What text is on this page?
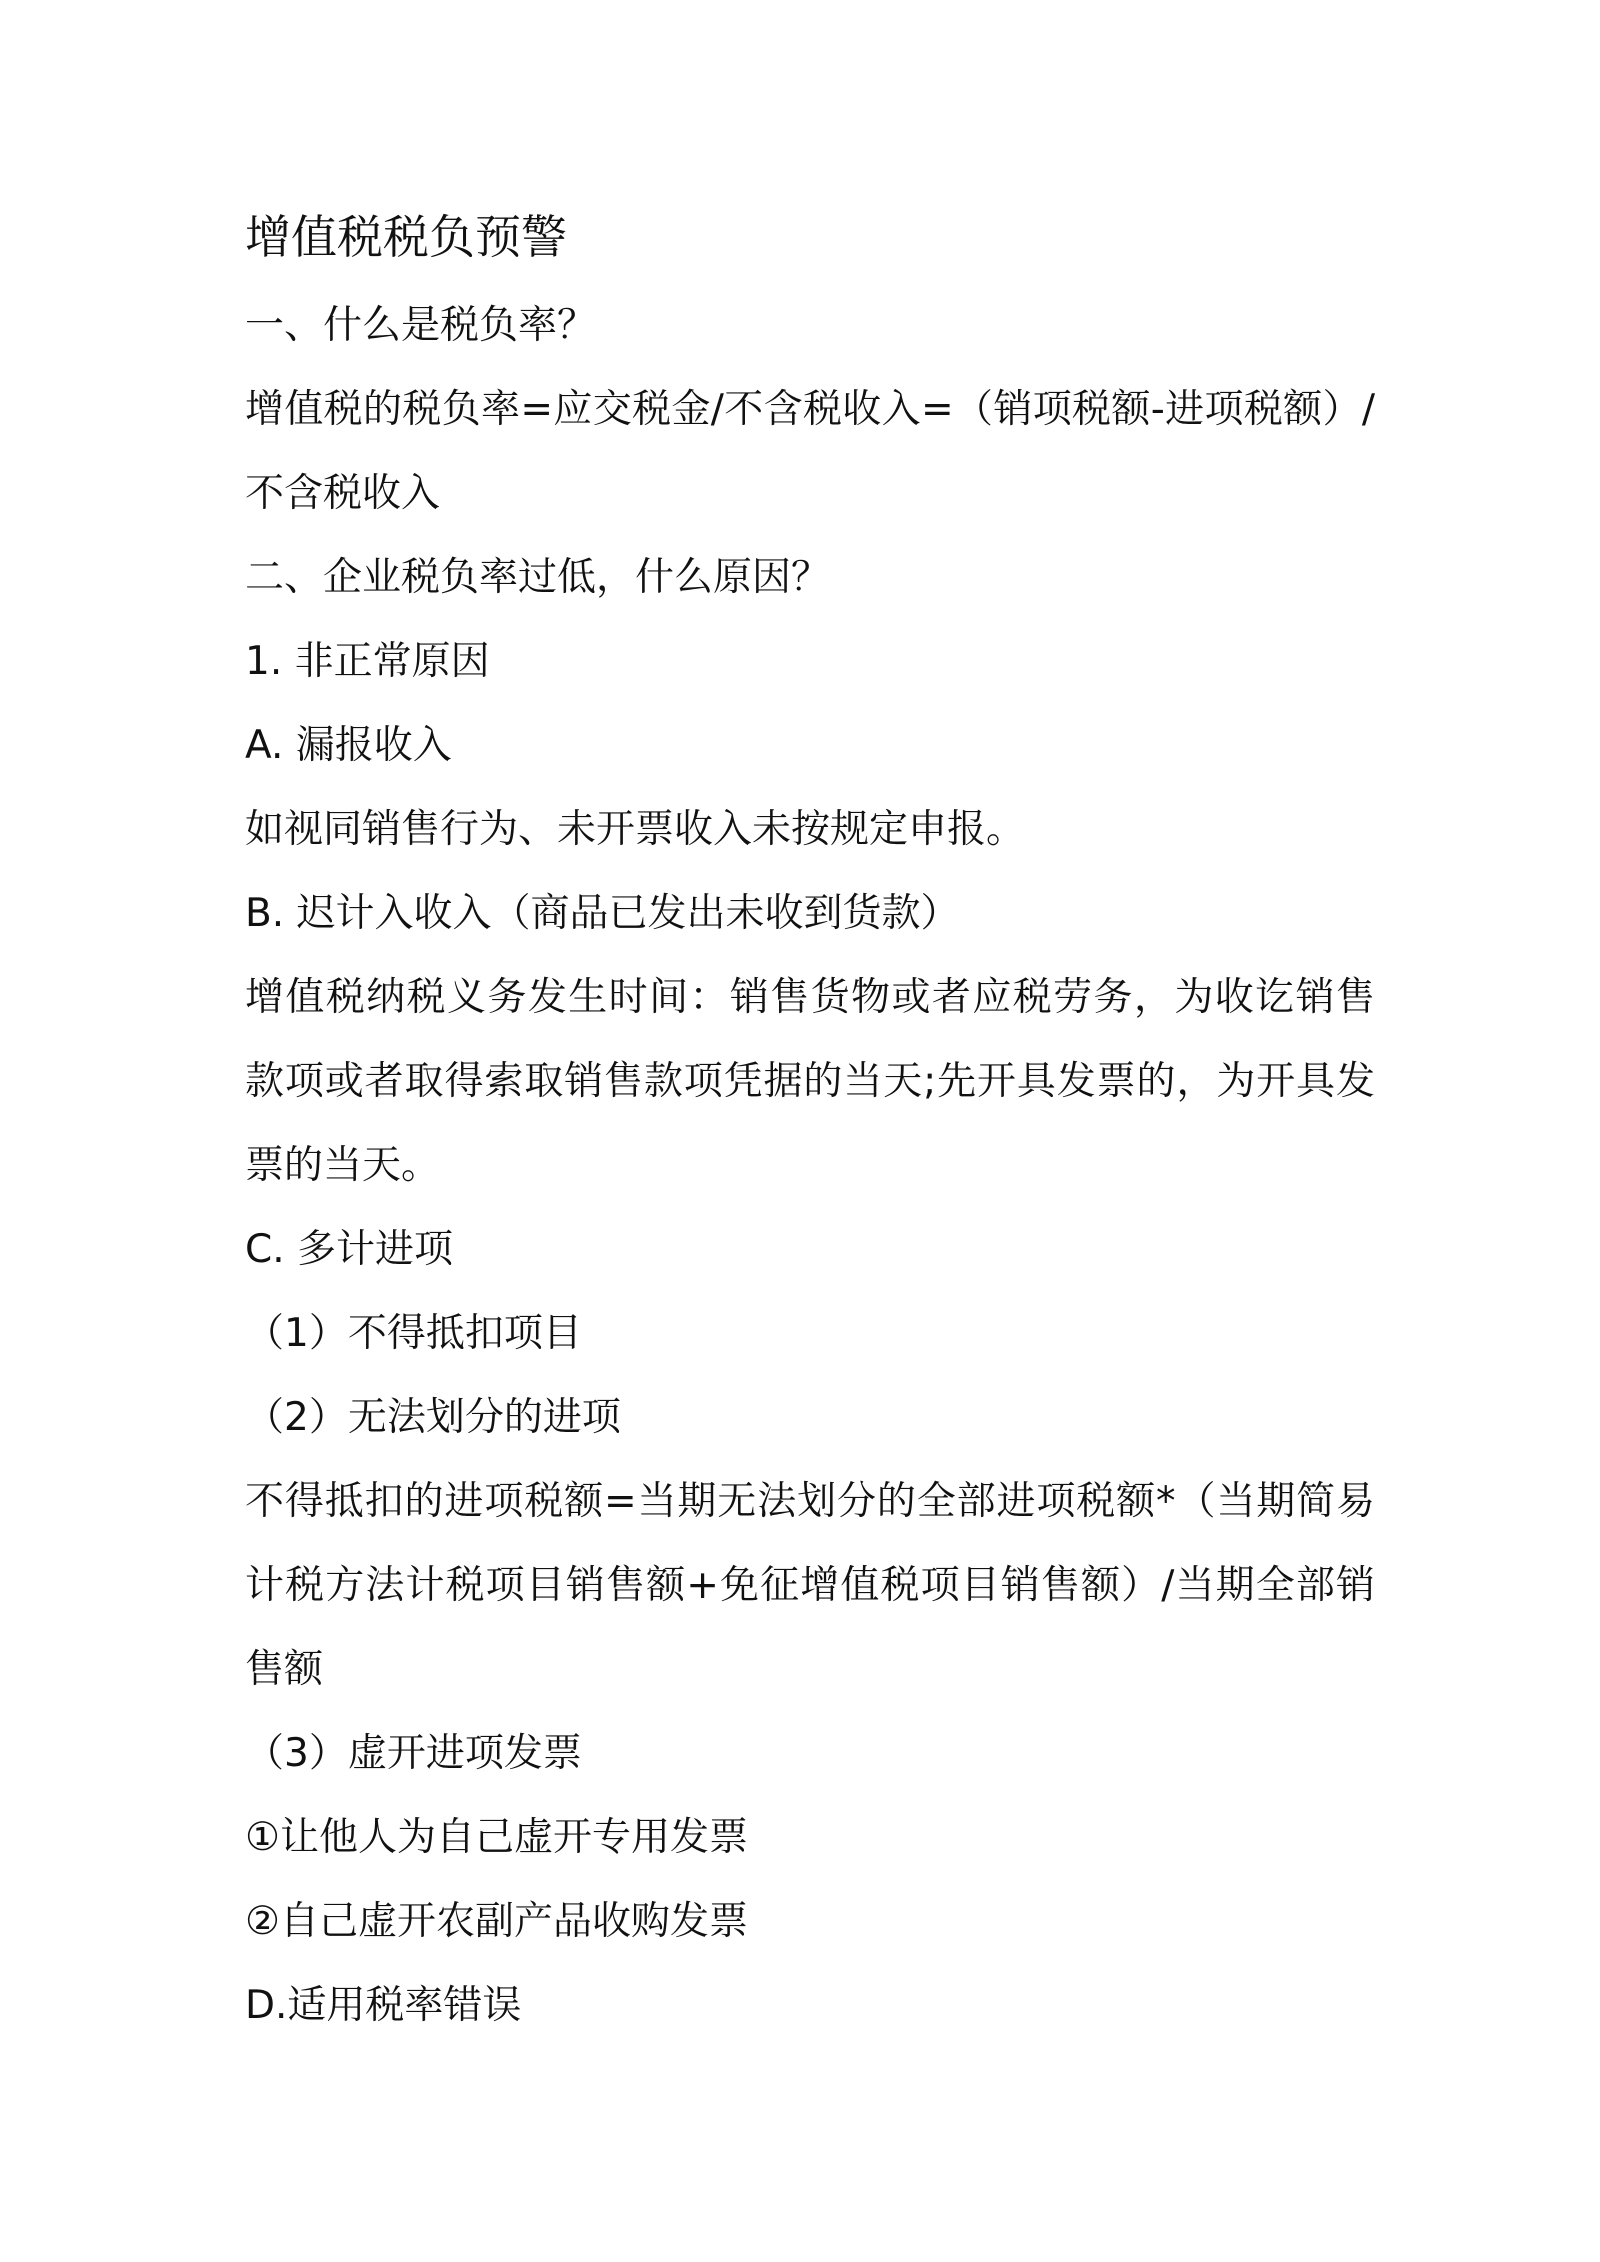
增值税税负预警

一、什么是税负率？

增值税的税负率=应交税金/不含税收入=（销项税额-进项税额）/不含税收入

二、企业税负率过低，什么原因？

1. 非正常原因

A. 漏报收入

如视同销售行为、未开票收入未按规定申报。

B. 迟计入收入（商品已发出未收到货款）

增值税纳税义务发生时间：销售货物或者应税劳务，为收讫销售款项或者取得索取销售款项凭据的当天;先开具发票的，为开具发票的当天。

C. 多计进项

（1）不得抵扣项目

（2）无法划分的进项

不得抵扣的进项税额=当期无法划分的全部进项税额*（当期简易计税方法计税项目销售额+免征增值税项目销售额）/当期全部销售额

（3）虚开进项发票

①让他人为自己虚开专用发票

②自己虚开农副产品收购发票

D.适用税率错误
